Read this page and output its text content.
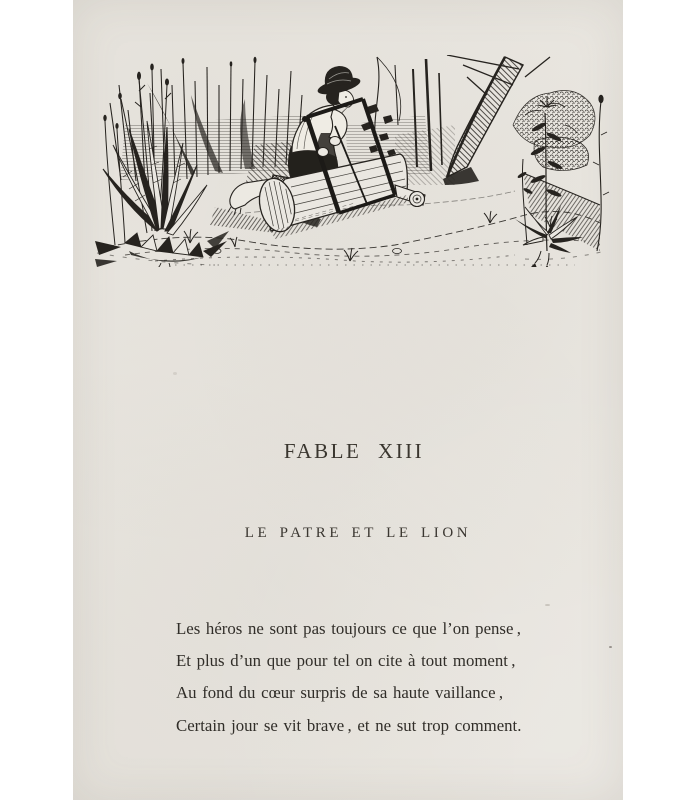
FABLE XIII
LE PATRE ET LE LION
Les héros ne sont pas toujours ce que l’on pense ,
Et plus d’un que pour tel on cite à tout moment ,
Au fond du cœur surpris de sa haute vaillance ,
Certain jour se vit brave , et ne sut trop comment.
